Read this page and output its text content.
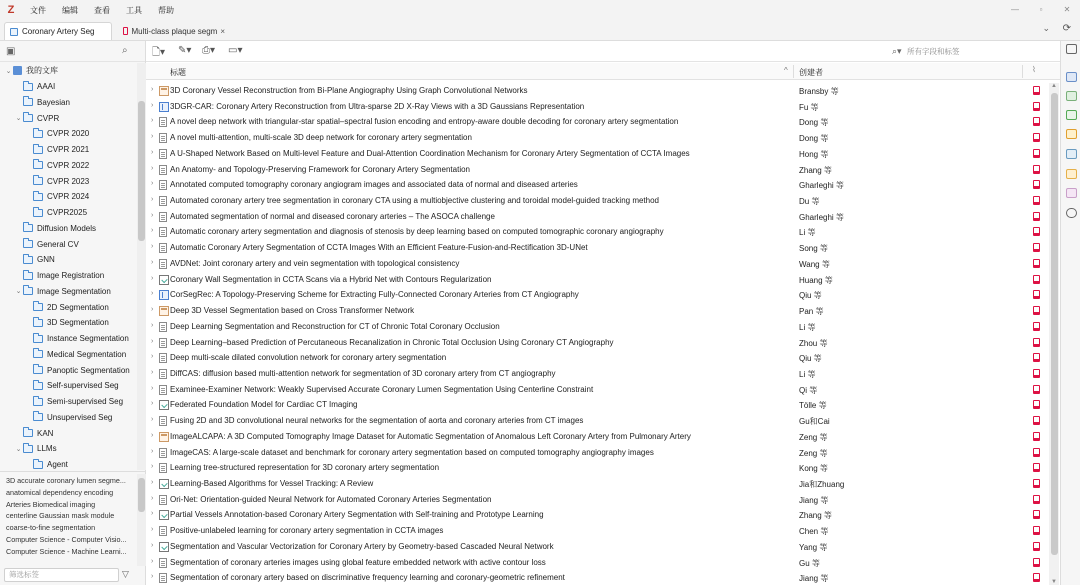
Z	文件	编辑	查看	工具	帮助	—	▫	✕
Coronary Artery Seg	Multi-class plaque segm ×	⌄ ⟳
▣	⌕
⌄ 我的文库
AAAI
Bayesian
⌄ CVPR
CVPR 2020
CVPR 2021
CVPR 2022
CVPR 2023
CVPR 2024
CVPR2025
Diffusion Models
General CV
GNN
Image Registration
⌄ Image Segmentation
2D Segmentation
3D Segmentation
Instance Segmentation
Medical Segmentation
Panoptic Segmentation
Self-supervised Seg
Semi-supervised Seg
Unsupervised Seg
KAN
⌄ LLMs
Agent
3D accurate coronary lumen segme...
anatomical dependency encoding
Arteries Biomedical imaging
centerline Gaussian mask module
coarse-to-fine segmentation
Computer Science - Computer Visio...
Computer Science - Machine Learni...
筛选标签	▽
🗋▾ ✎▾ ⎙▾ ▭▾	⌕▾ 所有字段和标签
标题	^ 创建者	⌇
› 3D Coronary Vessel Reconstruction from Bi-Plane Angiography Using Graph Convolutional Networks	Bransby 等
› 3DGR-CAR: Coronary Artery Reconstruction from Ultra-sparse 2D X-Ray Views with a 3D Gaussians Representation	Fu 等
› A novel deep network with triangular-star spatial–spectral fusion encoding and entropy-aware double decoding for coronary artery segmentation	Dong 等
› A novel multi-attention, multi-scale 3D deep network for coronary artery segmentation	Dong 等
› A U-Shaped Network Based on Multi-level Feature and Dual-Attention Coordination Mechanism for Coronary Artery Segmentation of CCTA Images	Hong 等
› An Anatomy- and Topology-Preserving Framework for Coronary Artery Segmentation	Zhang 等
› Annotated computed tomography coronary angiogram images and associated data of normal and diseased arteries	Gharleghi 等
› Automated coronary artery tree segmentation in coronary CTA using a multiobjective clustering and toroidal model-guided tracking method	Du 等
› Automated segmentation of normal and diseased coronary arteries – The ASOCA challenge	Gharleghi 等
› Automatic coronary artery segmentation and diagnosis of stenosis by deep learning based on computed tomographic coronary angiography	Li 等
› Automatic Coronary Artery Segmentation of CCTA Images With an Efficient Feature-Fusion-and-Rectification 3D-UNet	Song 等
› AVDNet: Joint coronary artery and vein segmentation with topological consistency	Wang 等
› Coronary Wall Segmentation in CCTA Scans via a Hybrid Net with Contours Regularization	Huang 等
› CorSegRec: A Topology-Preserving Scheme for Extracting Fully-Connected Coronary Arteries from CT Angiography	Qiu 等
› Deep 3D Vessel Segmentation based on Cross Transformer Network	Pan 等
› Deep Learning Segmentation and Reconstruction for CT of Chronic Total Coronary Occlusion	Li 等
› Deep Learning–based Prediction of Percutaneous Recanalization in Chronic Total Occlusion Using Coronary CT Angiography	Zhou 等
› Deep multi-scale dilated convolution network for coronary artery segmentation	Qiu 等
› DiffCAS: diffusion based multi-attention network for segmentation of 3D coronary artery from CT angiography	Li 等
› Examinee-Examiner Network: Weakly Supervised Accurate Coronary Lumen Segmentation Using Centerline Constraint	Qi 等
› Federated Foundation Model for Cardiac CT Imaging	Tölle 等
› Fusing 2D and 3D convolutional neural networks for the segmentation of aorta and coronary arteries from CT images	Gu和Cai
› ImageALCAPA: A 3D Computed Tomography Image Dataset for Automatic Segmentation of Anomalous Left Coronary Artery from Pulmonary Artery	Zeng 等
› ImageCAS: A large-scale dataset and benchmark for coronary artery segmentation based on computed tomography angiography images	Zeng 等
› Learning tree-structured representation for 3D coronary artery segmentation	Kong 等
› Learning-Based Algorithms for Vessel Tracking: A Review	Jia和Zhuang
› Ori-Net: Orientation-guided Neural Network for Automated Coronary Arteries Segmentation	Jiang 等
› Partial Vessels Annotation-based Coronary Artery Segmentation with Self-training and Prototype Learning	Zhang 等
› Positive-unlabeled learning for coronary artery segmentation in CCTA images	Chen 等
› Segmentation and Vascular Vectorization for Coronary Artery by Geometry-based Cascaded Neural Network	Yang 等
› Segmentation of coronary arteries images using global feature embedded network with active contour loss	Gu 等
› Segmentation of coronary artery based on discriminative frequency learning and coronary-geometric refinement	Jiang 等
▲
▼
